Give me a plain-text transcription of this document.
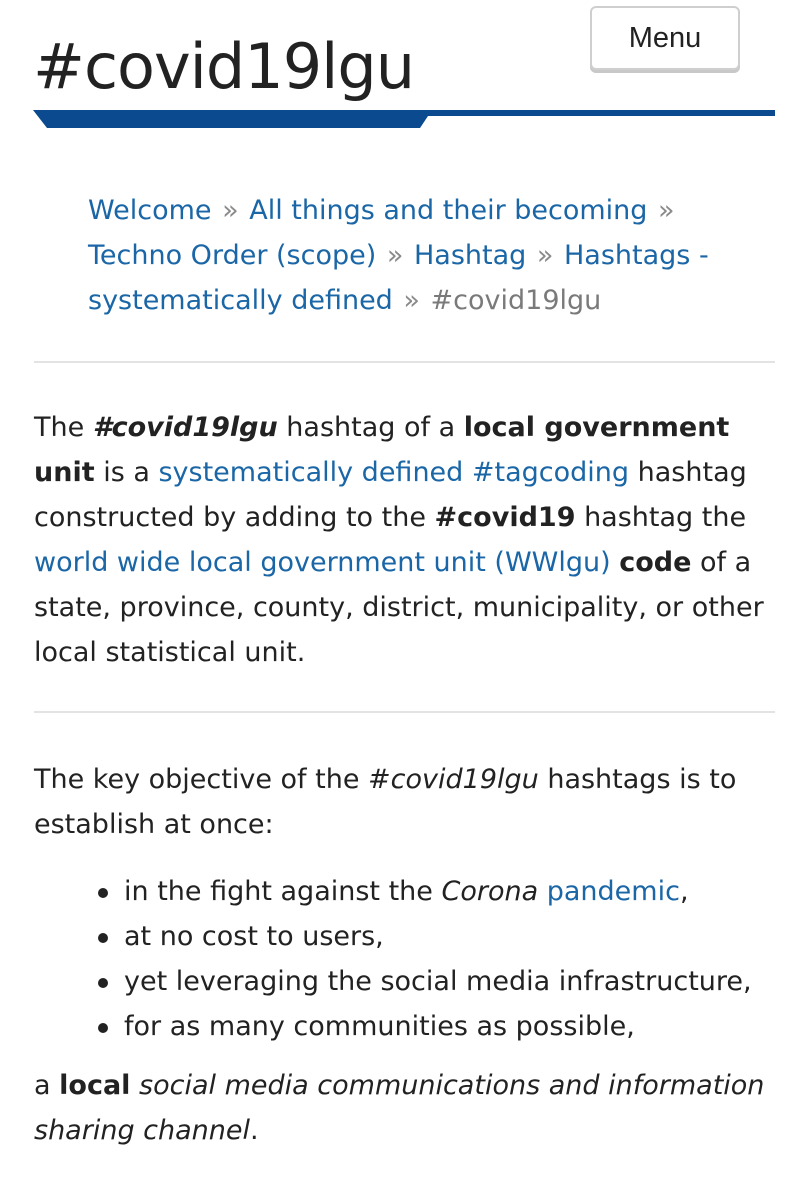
#covid19lgu	Menu
Welcome » All things and their becoming » Techno Order (scope) » Hashtag » Hashtags - systematically defined » #covid19lgu

The #covid19lgu hashtag of a local government unit is a systematically defined #tagcoding hashtag constructed by adding to the #covid19 hashtag the world wide local government unit (WWlgu) code of a state, province, county, district, municipality, or other local statistical unit.

The key objective of the #covid19lgu hashtags is to establish at once:

in the fight against the Corona pandemic,
at no cost to users,
yet leveraging the social media infrastructure,
for as many communities as possible,

a local social media communications and information sharing channel.
